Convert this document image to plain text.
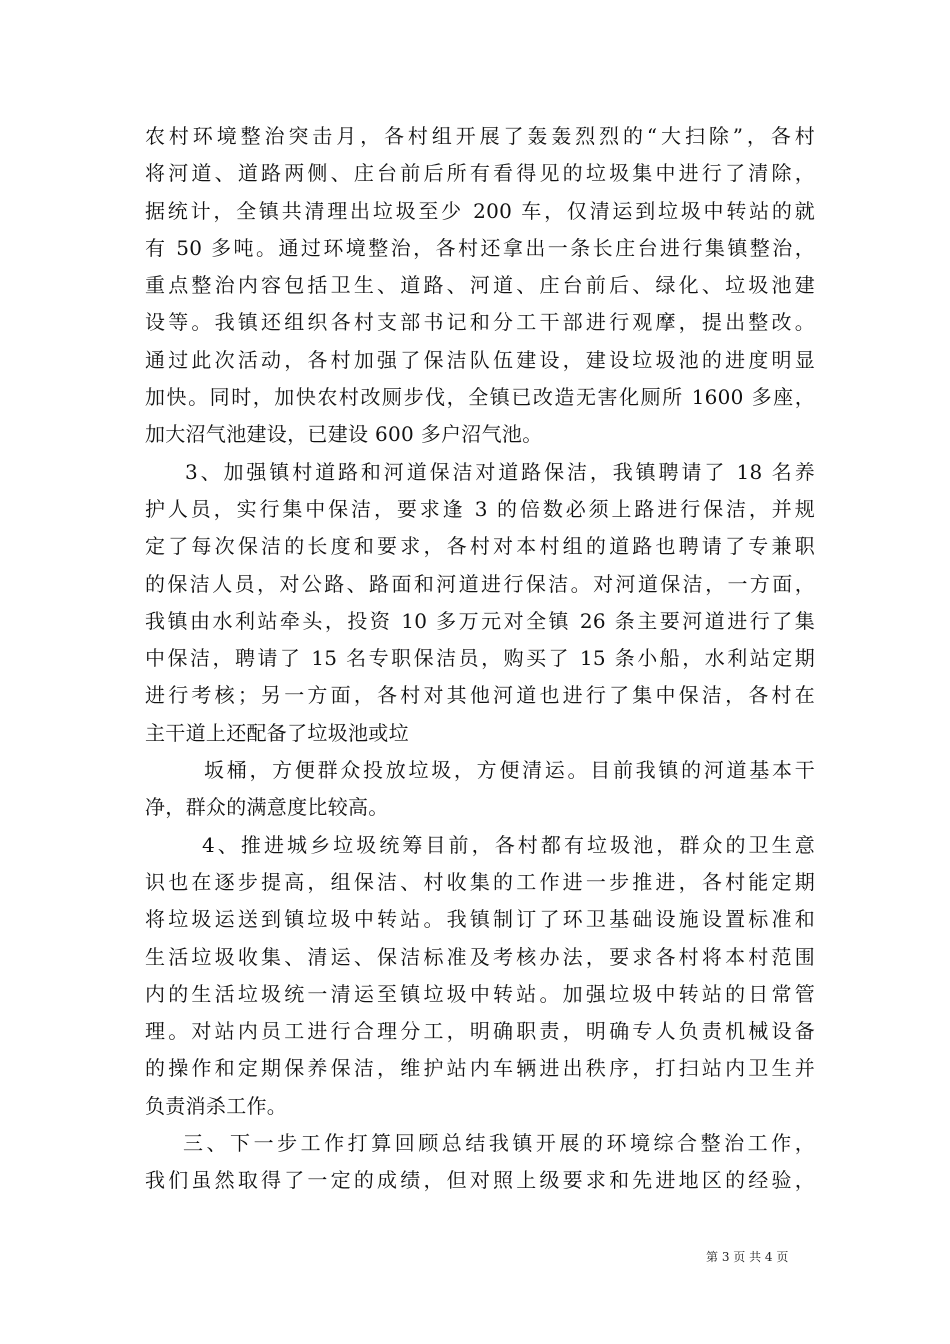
农村环境整治突击月，各村组开展了轰轰烈烈的“大扫除”，各村
将河道、道路两侧、庄台前后所有看得见的垃圾集中进行了清除，
据统计，全镇共清理出垃圾至少 200 车，仅清运到垃圾中转站的就
有 50 多吨。通过环境整治，各村还拿出一条长庄台进行集镇整治，
重点整治内容包括卫生、道路、河道、庄台前后、绿化、垃圾池建
设等。我镇还组织各村支部书记和分工干部进行观摩，提出整改。
通过此次活动，各村加强了保洁队伍建设，建设垃圾池的进度明显
加快。同时，加快农村改厕步伐，全镇已改造无害化厕所 1600 多座，
加大沼气池建设，已建设 600 多户沼气池。
3、加强镇村道路和河道保洁对道路保洁，我镇聘请了 18 名养
护人员，实行集中保洁，要求逢 3 的倍数必须上路进行保洁，并规
定了每次保洁的长度和要求，各村对本村组的道路也聘请了专兼职
的保洁人员，对公路、路面和河道进行保洁。对河道保洁，一方面，
我镇由水利站牵头，投资 10 多万元对全镇 26 条主要河道进行了集
中保洁，聘请了 15 名专职保洁员，购买了 15 条小船，水利站定期
进行考核；另一方面，各村对其他河道也进行了集中保洁，各村在
主干道上还配备了垃圾池或垃
坂桶，方便群众投放垃圾，方便清运。目前我镇的河道基本干
净，群众的满意度比较高。
4、推进城乡垃圾统筹目前，各村都有垃圾池，群众的卫生意
识也在逐步提高，组保洁、村收集的工作进一步推进，各村能定期
将垃圾运送到镇垃圾中转站。我镇制订了环卫基础设施设置标准和
生活垃圾收集、清运、保洁标准及考核办法，要求各村将本村范围
内的生活垃圾统一清运至镇垃圾中转站。加强垃圾中转站的日常管
理。对站内员工进行合理分工，明确职责，明确专人负责机械设备
的操作和定期保养保洁，维护站内车辆进出秩序，打扫站内卫生并
负责消杀工作。
三、下一步工作打算回顾总结我镇开展的环境综合整治工作，
我们虽然取得了一定的成绩，但对照上级要求和先进地区的经验，
第 3 页 共 4 页
